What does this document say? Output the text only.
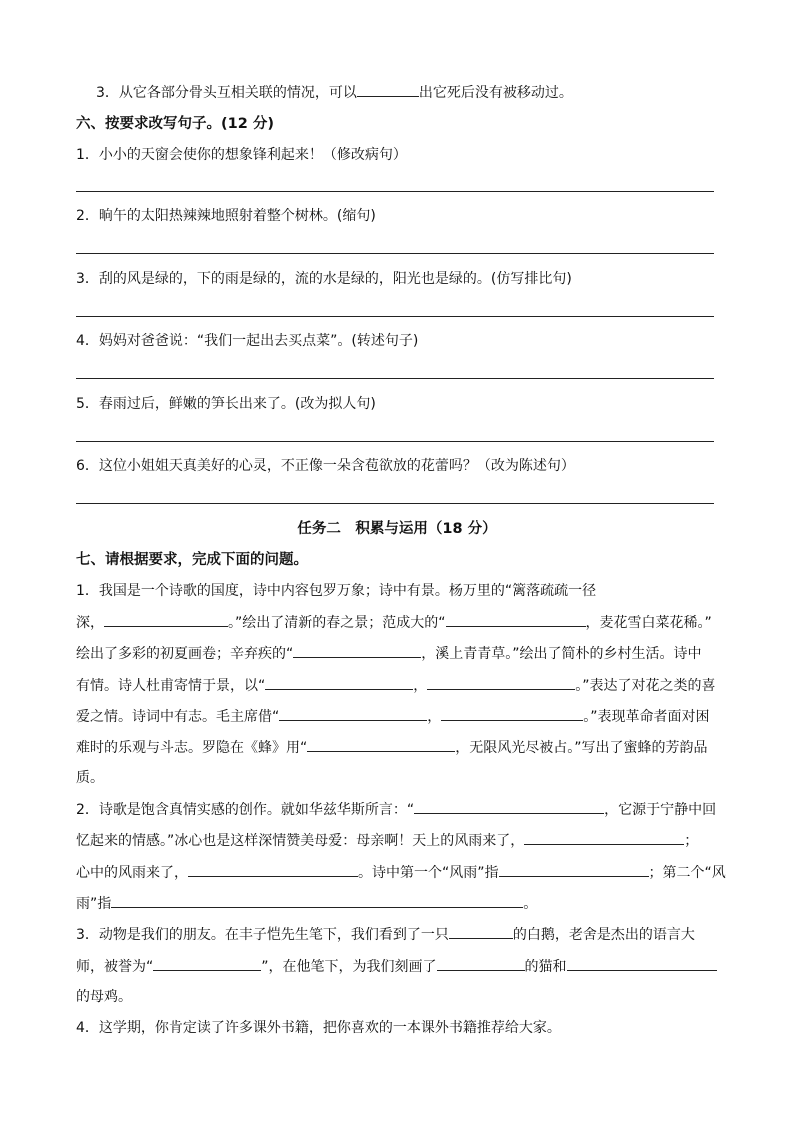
3．从它各部分骨头互相关联的情况，可以	出它死后没有被移动过。
六、按要求改写句子。(12 分)
1．小小的天窗会使你的想象锋利起来！（修改病句）
2．晌午的太阳热辣辣地照射着整个树林。(缩句)
3．刮的风是绿的，下的雨是绿的，流的水是绿的，阳光也是绿的。(仿写排比句)
4．妈妈对爸爸说：“我们一起出去买点菜”。(转述句子)
5．春雨过后，鲜嫩的笋长出来了。(改为拟人句)
6．这位小姐姐天真美好的心灵，不正像一朵含苞欲放的花蕾吗？（改为陈述句）
任务二　积累与运用（18 分）
七、请根据要求，完成下面的问题。
1．我国是一个诗歌的国度，诗中内容包罗万象；诗中有景。杨万里的“篱落疏疏一径
深，	。”绘出了清新的春之景；范成大的“	，麦花雪白菜花稀。”
绘出了多彩的初夏画卷；辛弃疾的“	，溪上青青草。”绘出了简朴的乡村生活。诗中
有情。诗人杜甫寄情于景，以“	，	。”表达了对花之类的喜
爱之情。诗词中有志。毛主席借“	，	。”表现革命者面对困
难时的乐观与斗志。罗隐在《蜂》用“	，无限风光尽被占。”写出了蜜蜂的芳韵品
质。
2．诗歌是饱含真情实感的创作。就如华兹华斯所言：“	，它源于宁静中回
忆起来的情感。”冰心也是这样深情赞美母爱：母亲啊！天上的风雨来了，	；
心中的风雨来了，	。诗中第一个“风雨”指	；第二个“风
雨”指	。
3．动物是我们的朋友。在丰子恺先生笔下，我们看到了一只	的白鹅，老舍是杰出的语言大
师，被誉为“	”，在他笔下，为我们刻画了	的猫和
的母鸡。
4．这学期，你肯定读了许多课外书籍，把你喜欢的一本课外书籍推荐给大家。
